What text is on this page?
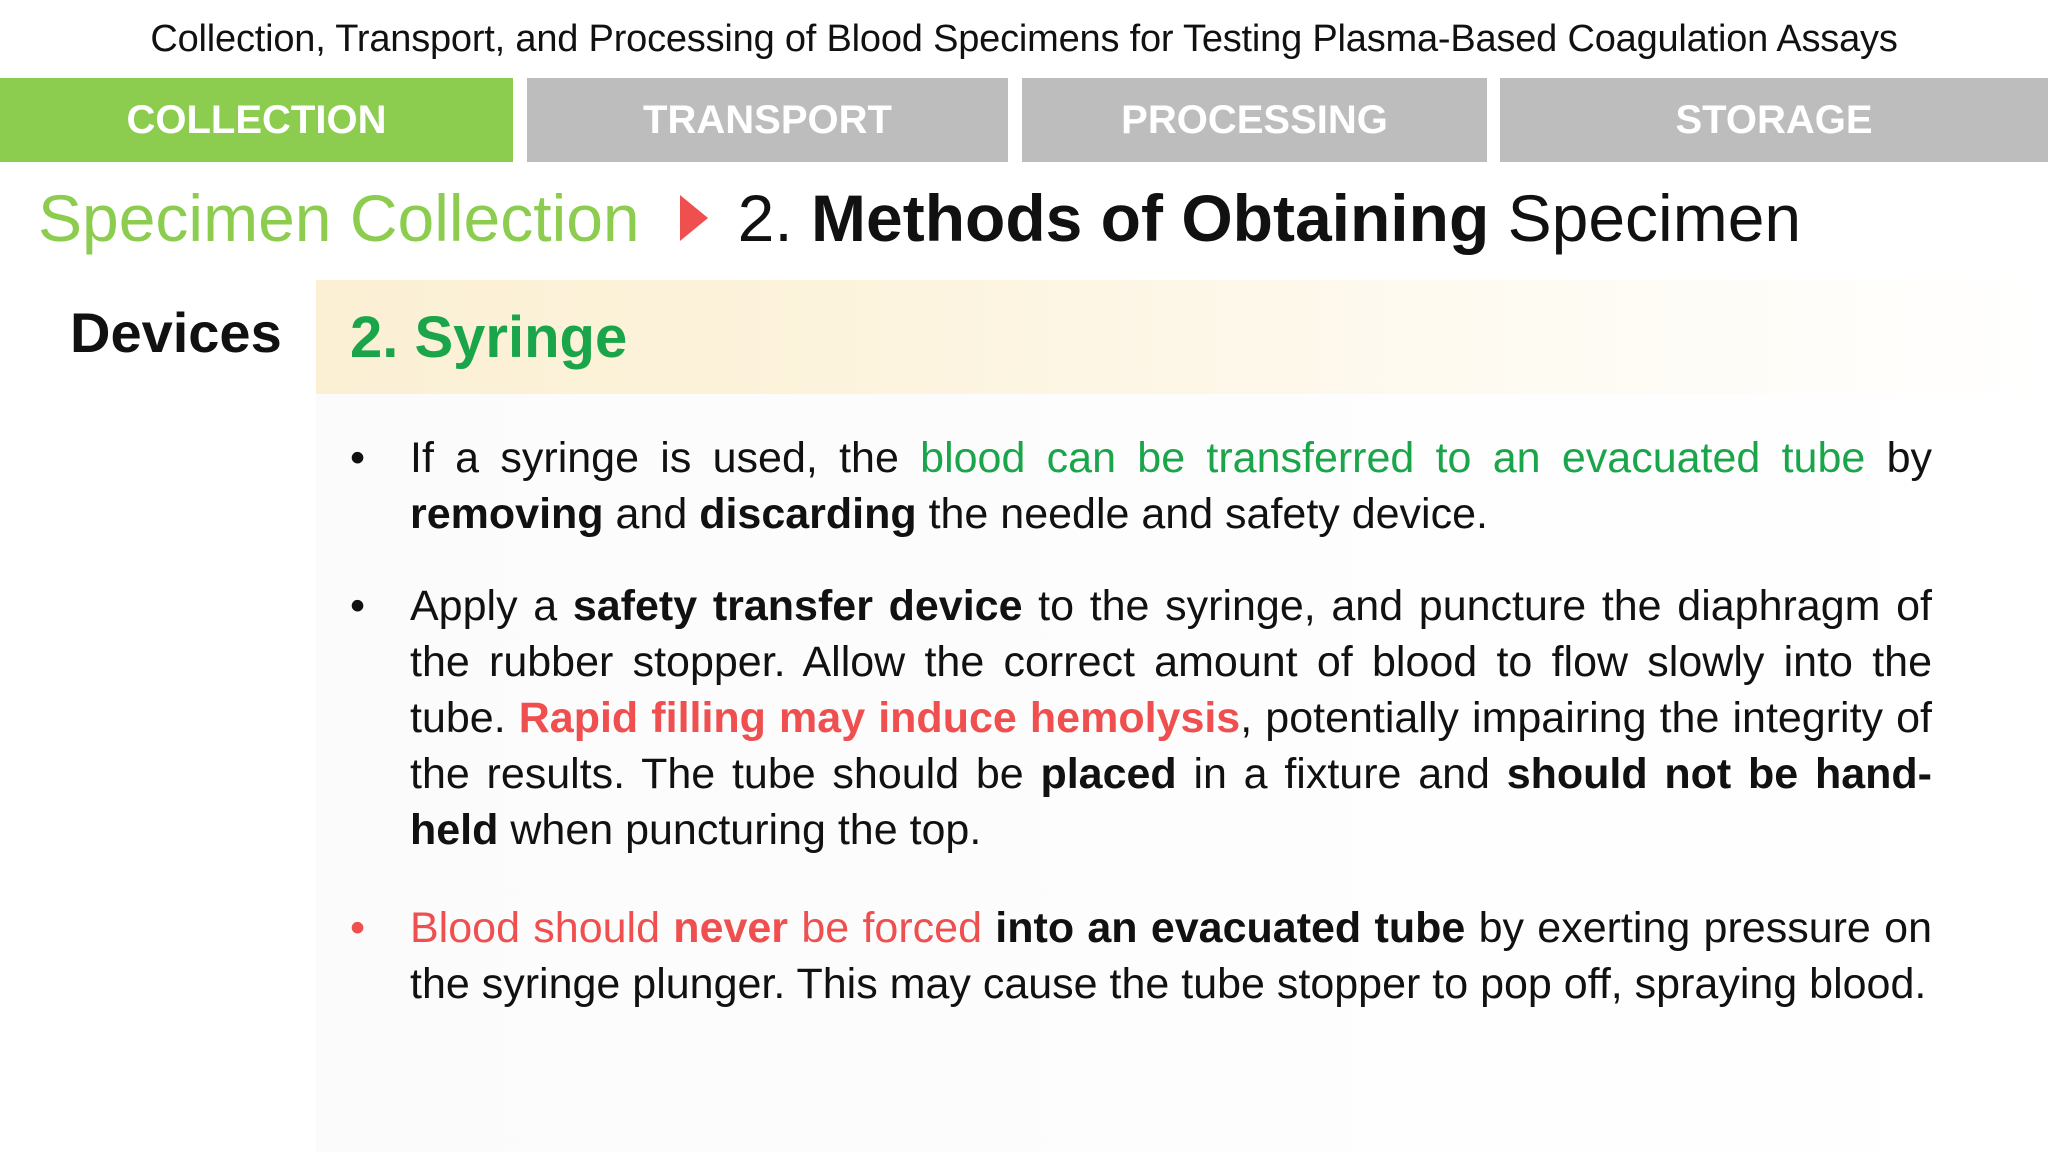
Collection, Transport, and Processing of Blood Specimens for Testing Plasma-Based Coagulation Assays
COLLECTION	TRANSPORT	PROCESSING	STORAGE
Specimen Collection 2. Methods of Obtaining Specimen
Devices 2. Syringe
• If a syringe is used, the blood can be transferred to an evacuated tube by removing and discarding the needle and safety device.
• Apply a safety transfer device to the syringe, and puncture the diaphragm of the rubber stopper. Allow the correct amount of blood to flow slowly into the tube. Rapid filling may induce hemolysis, potentially impairing the integrity of the results. The tube should be placed in a fixture and should not be hand-held when puncturing the top.
• Blood should never be forced into an evacuated tube by exerting pressure on the syringe plunger. This may cause the tube stopper to pop off, spraying blood.
